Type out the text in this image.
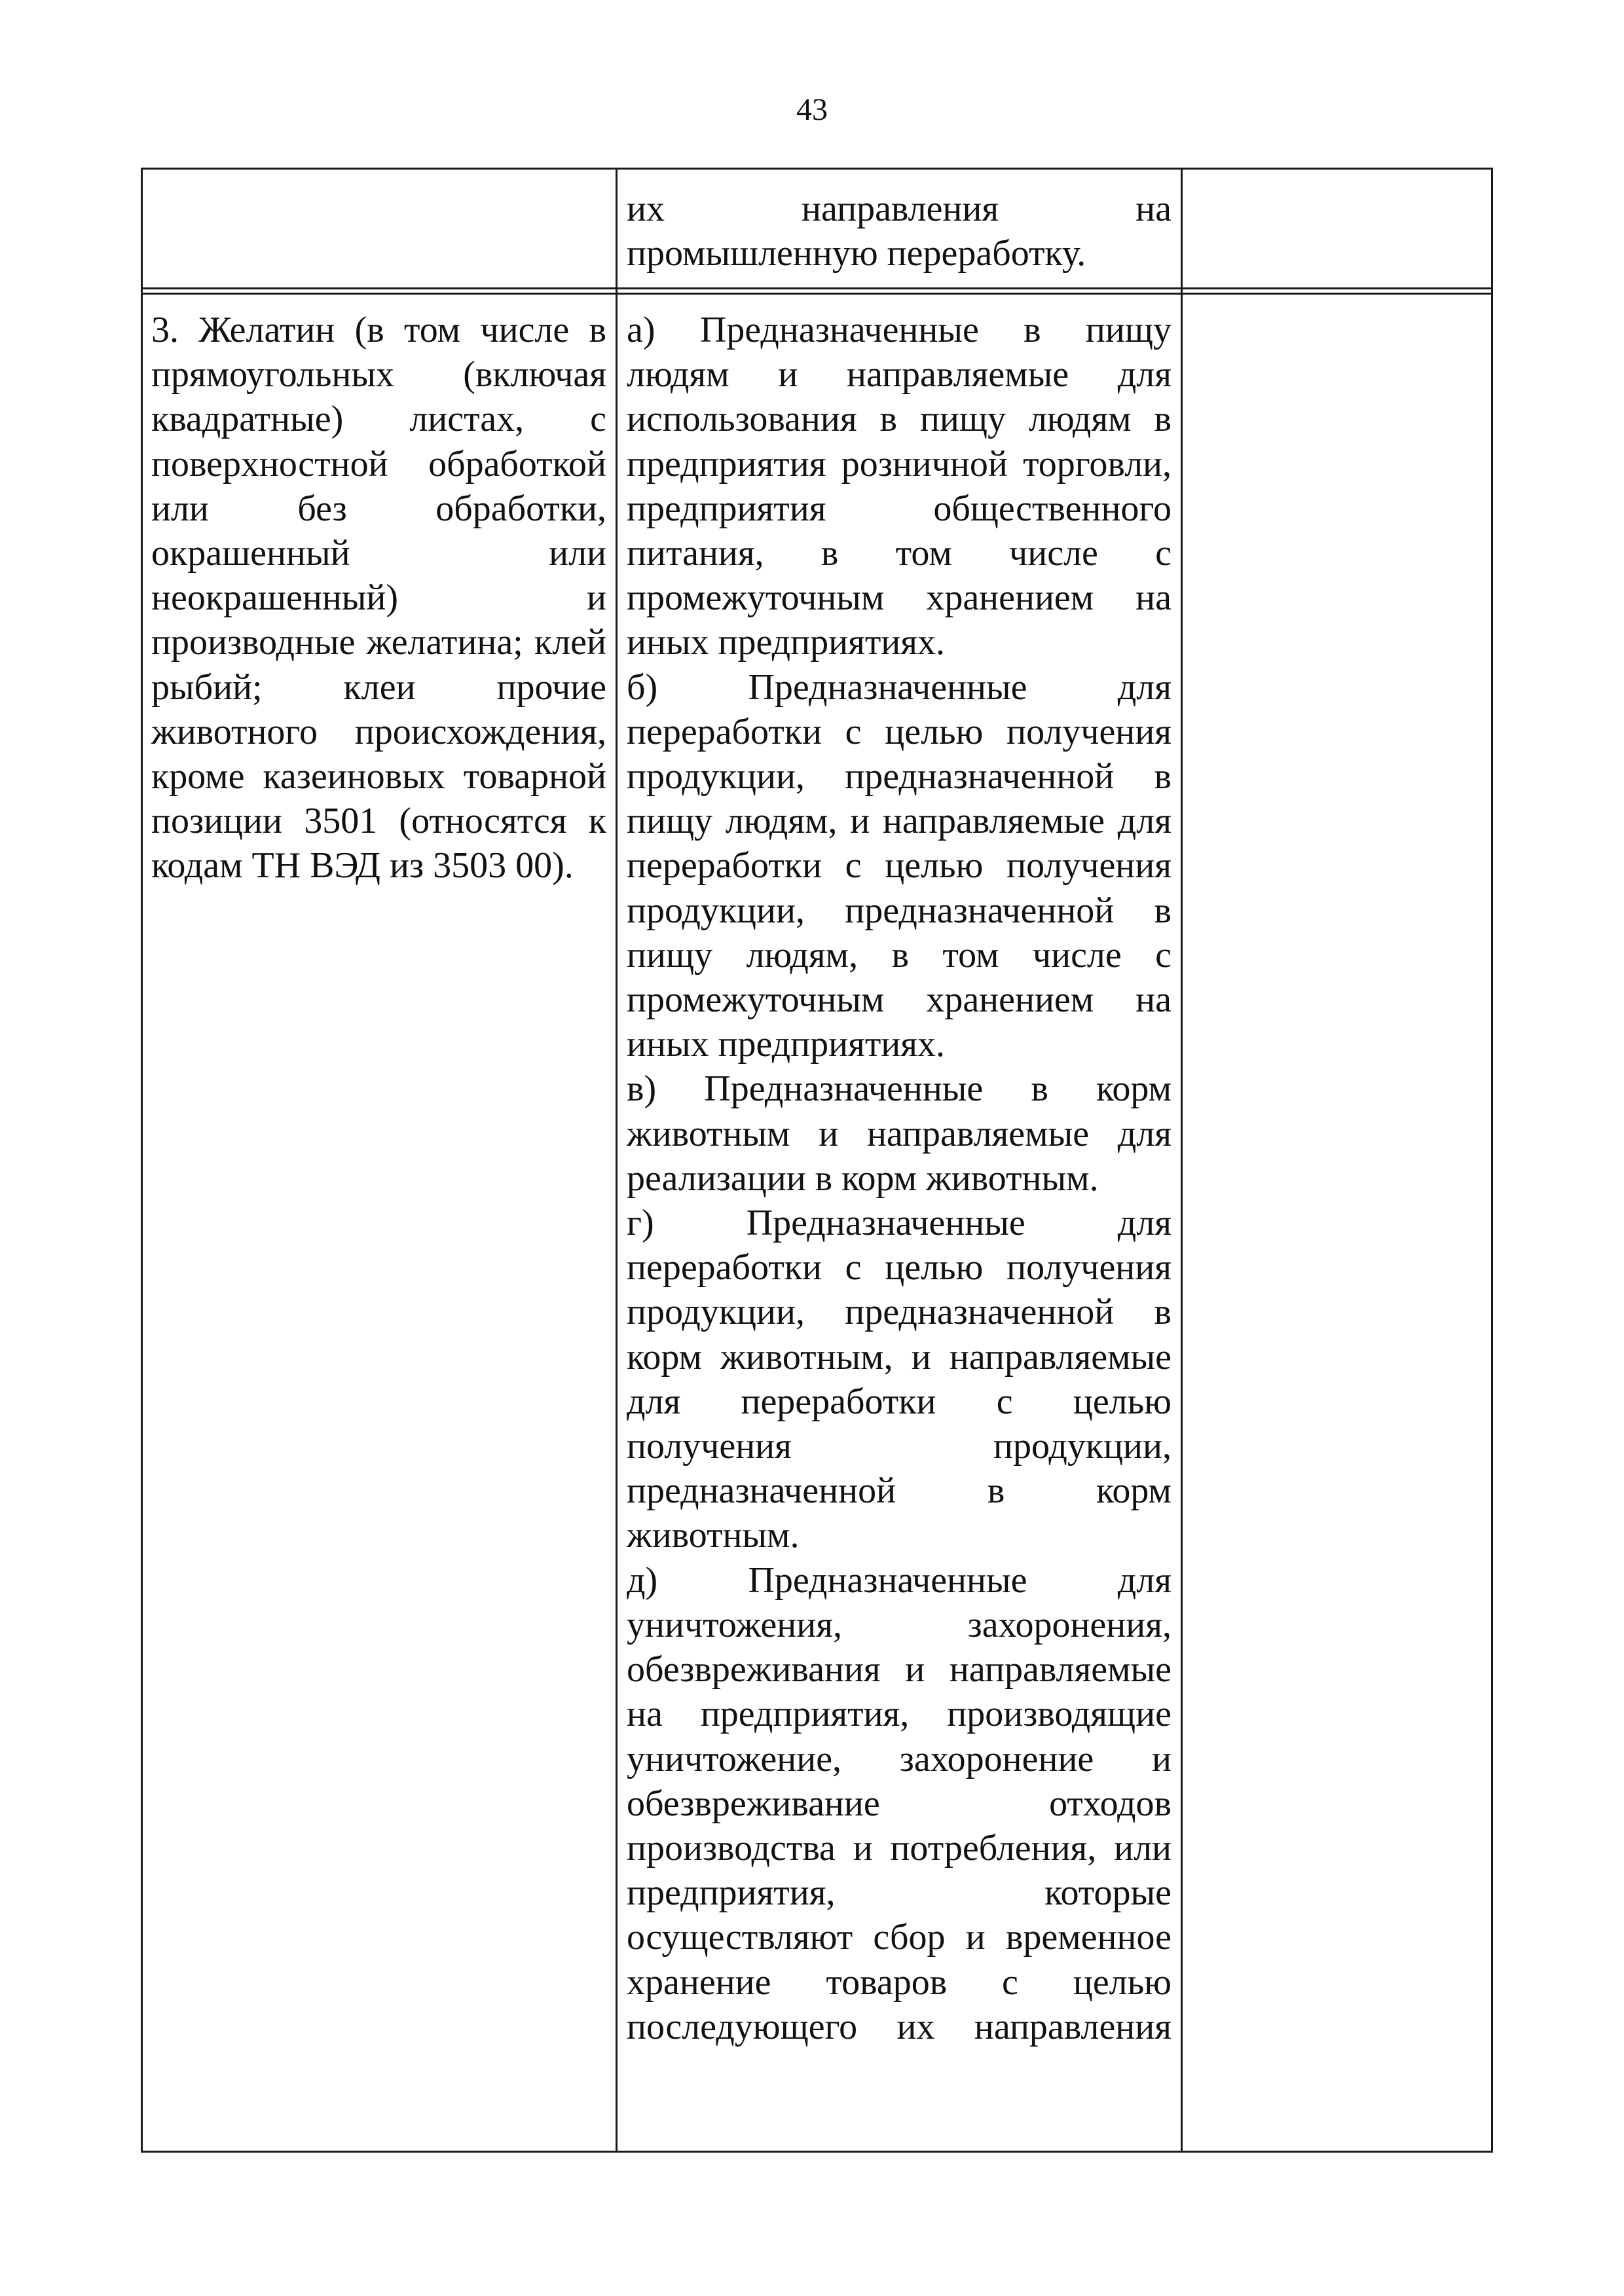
43

их направления на промышленную переработку.

3. Желатин (в том числе в прямоугольных (включая квадратные) листах, с поверхностной обработкой или без обработки, окрашенный или неокрашенный) и производные желатина; клей рыбий; клеи прочие животного происхождения, кроме казеиновых товарной позиции 3501 (относятся к кодам ТН ВЭД из 3503 00).

а) Предназначенные в пищу людям и направляемые для использования в пищу людям в предприятия розничной торговли, предприятия общественного питания, в том числе с промежуточным хранением на иных предприятиях.

б) Предназначенные для переработки с целью получения продукции, предназначенной в пищу людям, и направляемые для переработки с целью получения продукции, предназначенной в пищу людям, в том числе с промежуточным хранением на иных предприятиях.

в) Предназначенные в корм животным и направляемые для реализации в корм животным.

г) Предназначенные для переработки с целью получения продукции, предназначенной в корм животным, и направляемые для переработки с целью получения продукции, предназначенной в корм животным.

д) Предназначенные для уничтожения, захоронения, обезвреживания и направляемые на предприятия, производящие уничтожение, захоронение и обезвреживание отходов производства и потребления, или предприятия, которые осуществляют сбор и временное хранение товаров с целью последующего их направления
